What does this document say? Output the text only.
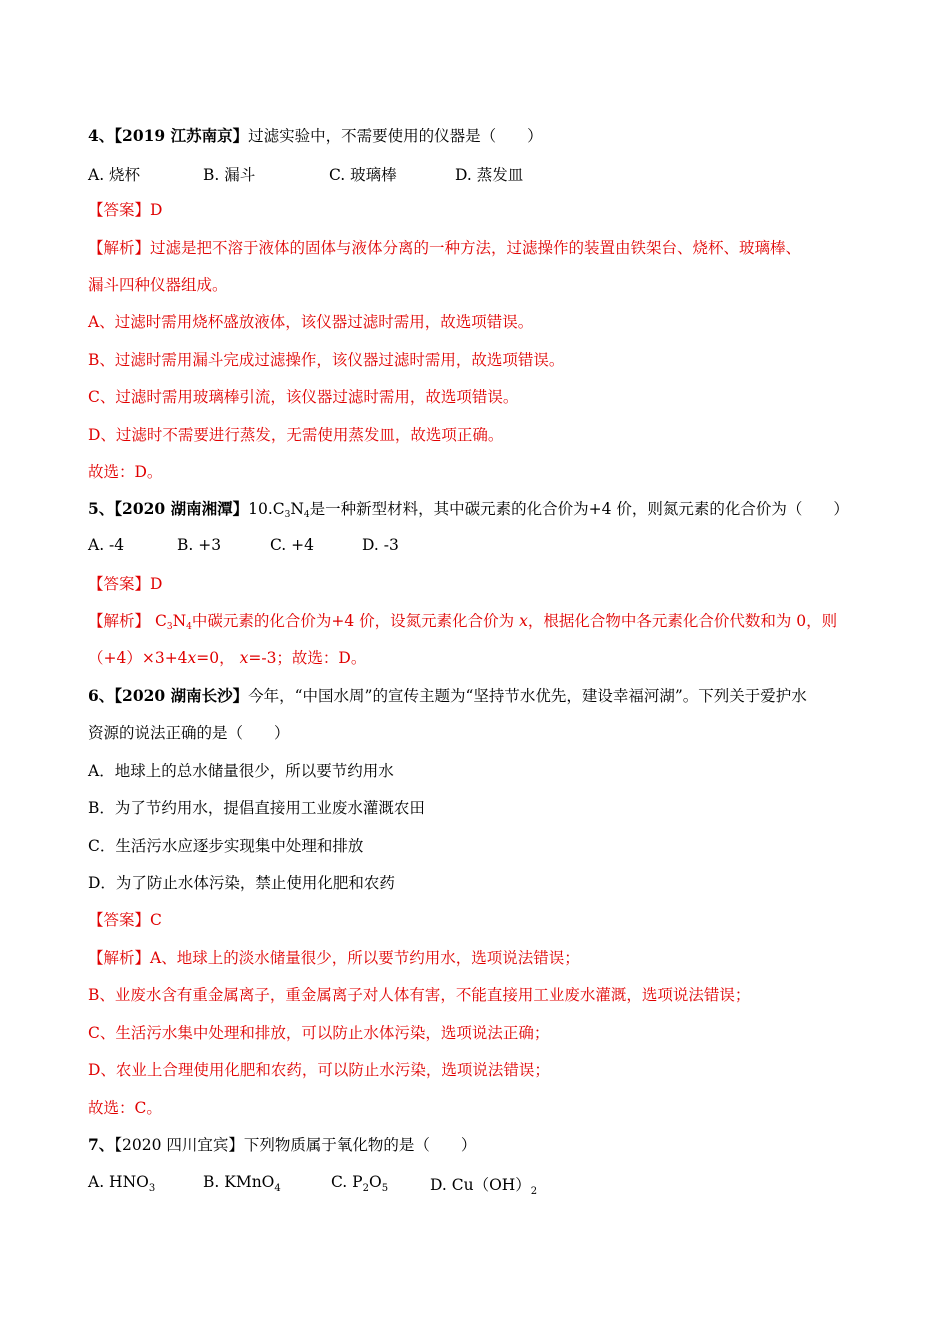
4、【2019 江苏南京】过滤实验中，不需要使用的仪器是（　　）
A. 烧杯	B. 漏斗	C. 玻璃棒	D. 蒸发皿
【答案】D
【解析】过滤是把不溶于液体的固体与液体分离的一种方法，过滤操作的装置由铁架台、烧杯、玻璃棒、
漏斗四种仪器组成。
A、过滤时需用烧杯盛放液体，该仪器过滤时需用，故选项错误。
B、过滤时需用漏斗完成过滤操作，该仪器过滤时需用，故选项错误。
C、过滤时需用玻璃棒引流，该仪器过滤时需用，故选项错误。
D、过滤时不需要进行蒸发，无需使用蒸发皿，故选项正确。
故选：D。
5、【2020 湖南湘潭】$10.C_3N_4$是一种新型材料，其中碳元素的化合价为+4 价，则氮元素的化合价为（　　）
A. -4	B. +3	C. +4	D. -3
【答案】D
【解析】 $C_3N_4$中碳元素的化合价为+4 价，设氮元素化合价为 x，根据化合物中各元素化合价代数和为 0，则
（+4）×3+4x=0， x=-3；故选：D。
6、【2020 湖南长沙】今年，“中国水周”的宣传主题为“坚持节水优先，建设幸福河湖”。下列关于爱护水
资源的说法正确的是（　　）
A．地球上的总水储量很少，所以要节约用水
B．为了节约用水，提倡直接用工业废水灌溉农田
C．生活污水应逐步实现集中处理和排放
D．为了防止水体污染，禁止使用化肥和农药
【答案】C
【解析】A、地球上的淡水储量很少，所以要节约用水，选项说法错误；
B、业废水含有重金属离子，重金属离子对人体有害，不能直接用工业废水灌溉，选项说法错误；
C、生活污水集中处理和排放，可以防止水体污染，选项说法正确；
D、农业上合理使用化肥和农药，可以防止水污染，选项说法错误；
故选：C。
7、【2020 四川宜宾】下列物质属于氧化物的是（　　）
A. $HNO_3$	B. KMnO$_4$	C. $P_2O_5$	D. $Cu(OH)_2$
